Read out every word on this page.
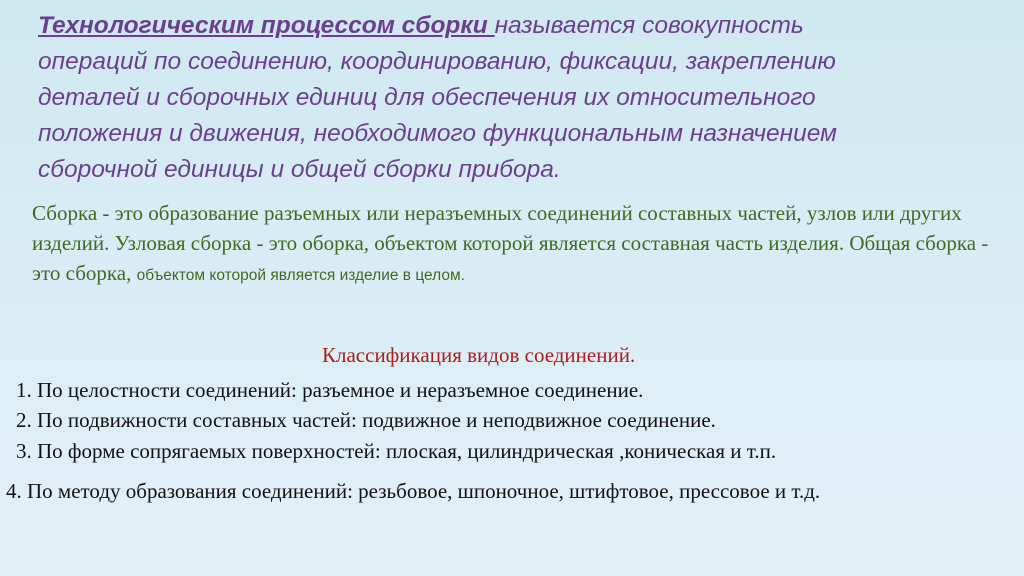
Технологическим процессом сборки называется совокупность
операций по соединению, координированию, фиксации, закреплению
деталей и сборочных единиц для обеспечения их относительного
положения и движения, необходимого функциональным назначением
сборочной единицы и общей сборки прибора.
Сборка - это образование разъемных или неразъемных соединений составных частей, узлов или других изделий. Узловая сборка - это оборка, объектом которой является составная часть изделия. Общая сборка - это сборка, объектом которой является изделие в целом.
Классификация видов соединений.
1. По целостности соединений: разъемное и неразъемное соединение.
2. По подвижности составных частей: подвижное и неподвижное соединение.
3. По форме сопрягаемых поверхностей: плоская, цилиндрическая ,коническая и т.п.
4. По методу образования соединений: резьбовое, шпоночное, штифтовое, прессовое и т.д.
